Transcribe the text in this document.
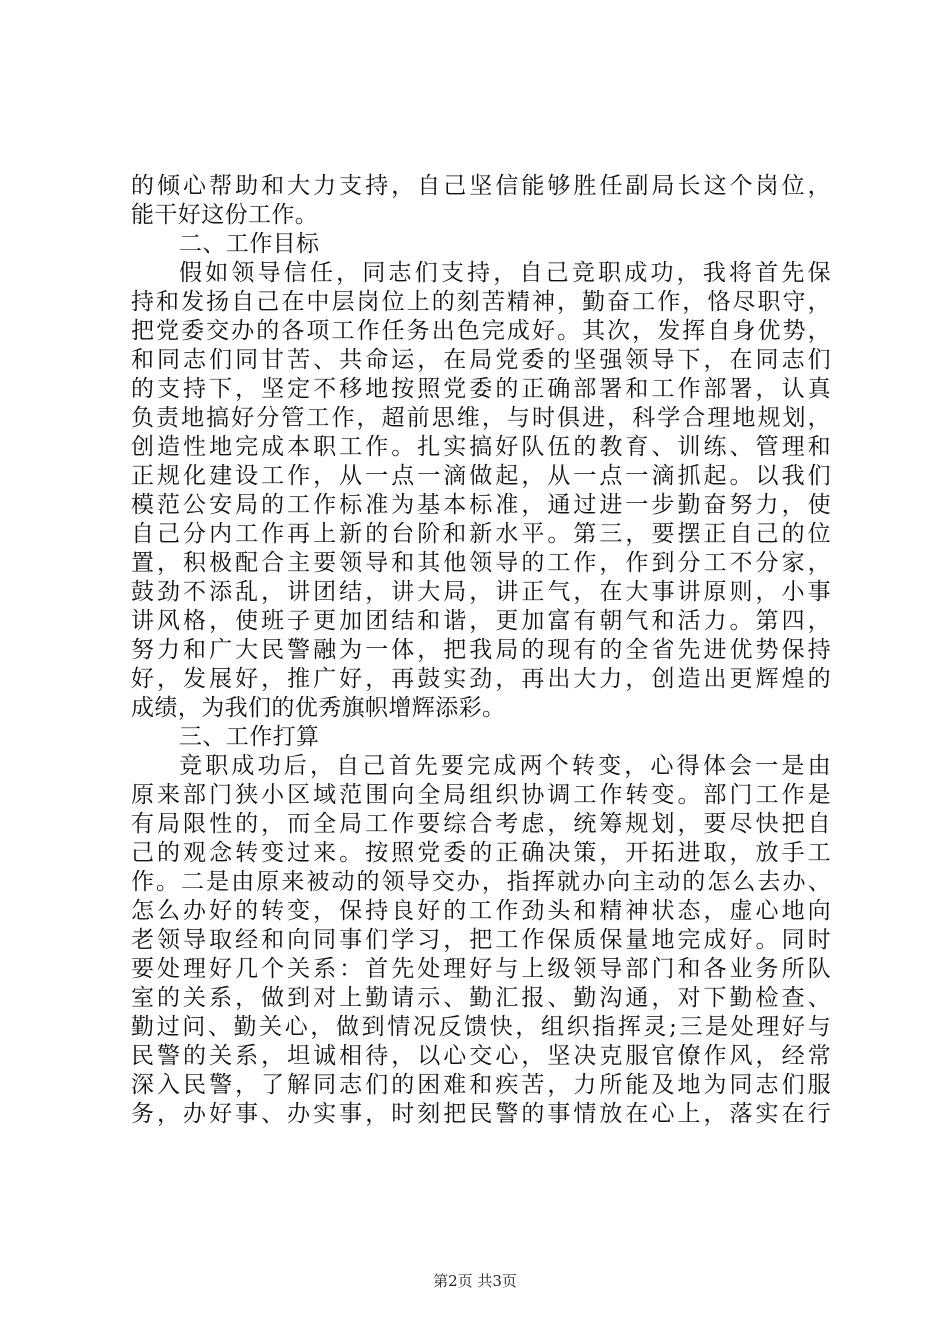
的倾心帮助和大力支持，自己坚信能够胜任副局长这个岗位，
能干好这份工作。
二、工作目标
假如领导信任，同志们支持，自己竞职成功，我将首先保
持和发扬自己在中层岗位上的刻苦精神，勤奋工作，恪尽职守，
把党委交办的各项工作任务出色完成好。其次，发挥自身优势，
和同志们同甘苦、共命运，在局党委的坚强领导下，在同志们
的支持下，坚定不移地按照党委的正确部署和工作部署，认真
负责地搞好分管工作，超前思维，与时俱进，科学合理地规划，
创造性地完成本职工作。扎实搞好队伍的教育、训练、管理和
正规化建设工作，从一点一滴做起，从一点一滴抓起。以我们
模范公安局的工作标准为基本标准，通过进一步勤奋努力，使
自己分内工作再上新的台阶和新水平。第三，要摆正自己的位
置，积极配合主要领导和其他领导的工作，作到分工不分家，
鼓劲不添乱，讲团结，讲大局，讲正气，在大事讲原则，小事
讲风格，使班子更加团结和谐，更加富有朝气和活力。第四，
努力和广大民警融为一体，把我局的现有的全省先进优势保持
好，发展好，推广好，再鼓实劲，再出大力，创造出更辉煌的
成绩，为我们的优秀旗帜增辉添彩。
三、工作打算
竞职成功后，自己首先要完成两个转变，心得体会一是由
原来部门狭小区域范围向全局组织协调工作转变。部门工作是
有局限性的，而全局工作要综合考虑，统筹规划，要尽快把自
己的观念转变过来。按照党委的正确决策，开拓进取，放手工
作。二是由原来被动的领导交办，指挥就办向主动的怎么去办、
怎么办好的转变，保持良好的工作劲头和精神状态，虚心地向
老领导取经和向同事们学习，把工作保质保量地完成好。同时
要处理好几个关系：首先处理好与上级领导部门和各业务所队
室的关系，做到对上勤请示、勤汇报、勤沟通，对下勤检查、
勤过问、勤关心，做到情况反馈快，组织指挥灵;三是处理好与
民警的关系，坦诚相待，以心交心，坚决克服官僚作风，经常
深入民警，了解同志们的困难和疾苦，力所能及地为同志们服
务，办好事、办实事，时刻把民警的事情放在心上，落实在行
第2页 共3页
